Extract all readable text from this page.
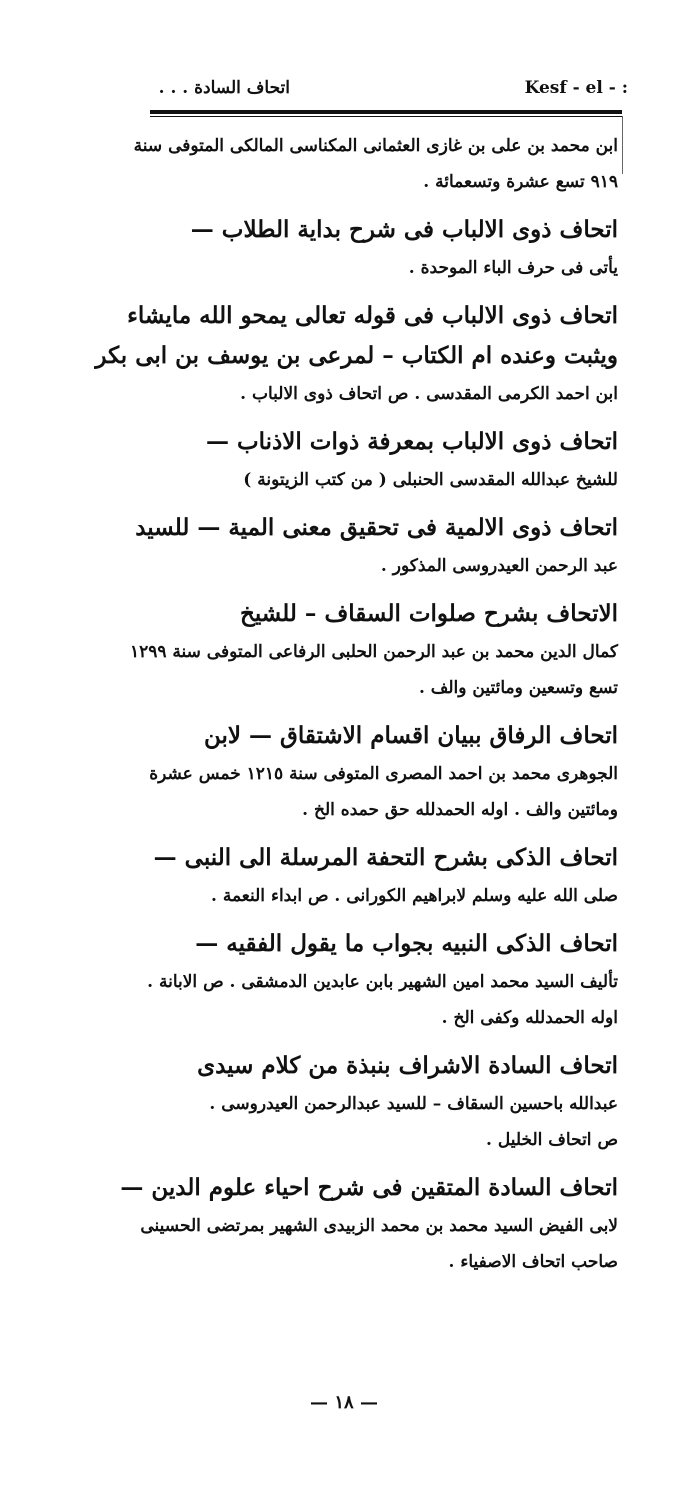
اتحاف السادة . . .	Kesf - el - :
ابن محمد بن على بن غازى العثمانى المكناسى المالكى المتوفى سنة
٩١٩ تسع عشرة وتسعمائة .
اتحاف ذوى الالباب فى شرح بداية الطلاب —
يأتى فى حرف الباء الموحدة .
اتحاف ذوى الالباب فى قوله تعالى يمحو الله مايشاء
ويثبت وعنده ام الكتاب – لمرعى بن يوسف بن ابى بكر
ابن احمد الكرمى المقدسى . ص اتحاف ذوى الالباب .
اتحاف ذوى الالباب بمعرفة ذوات الاذناب —
للشيخ عبدالله المقدسى الحنبلى ( من كتب الزيتونة )
اتحاف ذوى الالمية فى تحقيق معنى المية — للسيد
عبد الرحمن العيدروسى المذكور .
الاتحاف بشرح صلوات السقاف – للشيخ
كمال الدين محمد بن عبد الرحمن الحلبى الرفاعى المتوفى سنة ١٢٩٩
تسع وتسعين ومائتين والف .
اتحاف الرفاق ببيان اقسام الاشتقاق — لابن
الجوهرى محمد بن احمد المصرى المتوفى سنة ١٢١٥ خمس عشرة
ومائتين والف . اوله الحمدلله حق حمده الخ .
اتحاف الذكى بشرح التحفة المرسلة الى النبى —
صلى الله عليه وسلم لابراهيم الكورانى . ص ابداء النعمة .
اتحاف الذكى النبيه بجواب ما يقول الفقيه —
تأليف السيد محمد امين الشهير بابن عابدين الدمشقى . ص الابانة .
اوله الحمدلله وكفى الخ .
اتحاف السادة الاشراف بنبذة من كلام سيدى
عبدالله باحسين السقاف – للسيد عبدالرحمن العيدروسى .
ص اتحاف الخليل .
اتحاف السادة المتقين فى شرح احياء علوم الدين —
لابى الفيض السيد محمد بن محمد الزبيدى الشهير بمرتضى الحسينى
صاحب اتحاف الاصفياء .
— ١٨ —
